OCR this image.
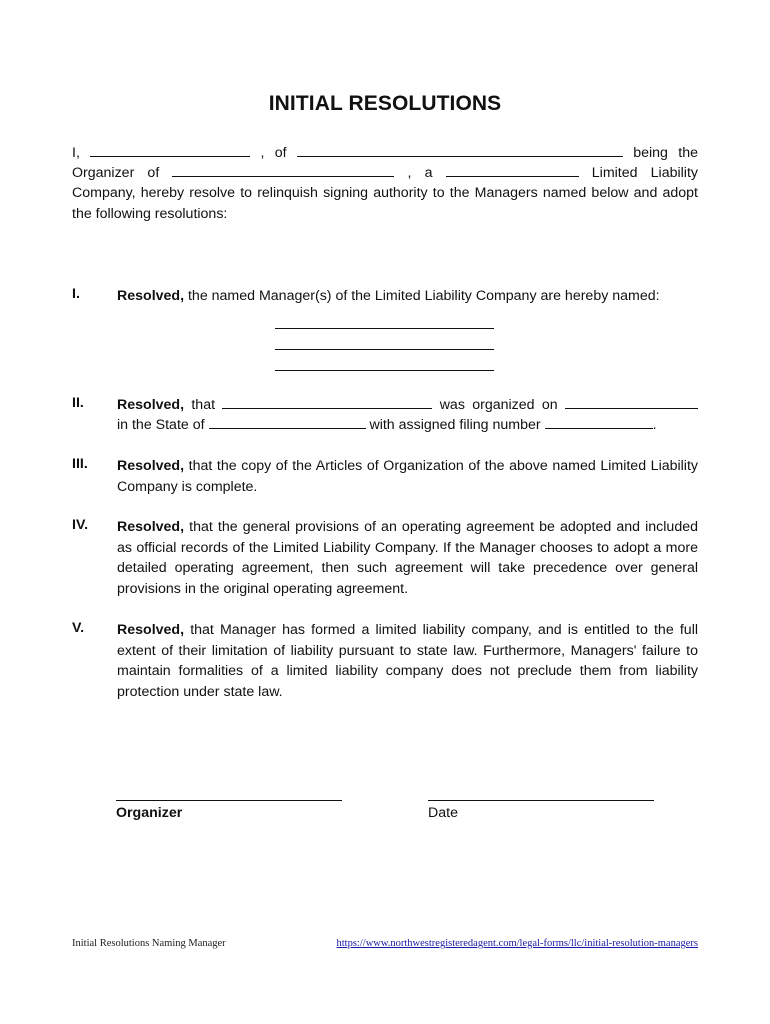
INITIAL RESOLUTIONS
I,	, of	being the
Organizer of	, a	Limited Liability
Company, hereby resolve to relinquish signing authority to the Managers named below and adopt the following resolutions:
I.	Resolved, the named Manager(s) of the Limited Liability Company are hereby named:
II. Resolved, that	was organized on
in the State of	with assigned filing number	.
III. Resolved, that the copy of the Articles of Organization of the above named Limited Liability Company is complete.
IV. Resolved, that the general provisions of an operating agreement be adopted and included as official records of the Limited Liability Company. If the Manager chooses to adopt a more detailed operating agreement, then such agreement will take precedence over general provisions in the original operating agreement.
V. Resolved, that Manager has formed a limited liability company, and is entitled to the full extent of their limitation of liability pursuant to state law. Furthermore, Managers' failure to maintain formalities of a limited liability company does not preclude them from liability protection under state law.
Organizer	Date
Initial Resolutions Naming Manager	https://www.northwestregisteredagent.com/legal-forms/llc/initial-resolution-managers
